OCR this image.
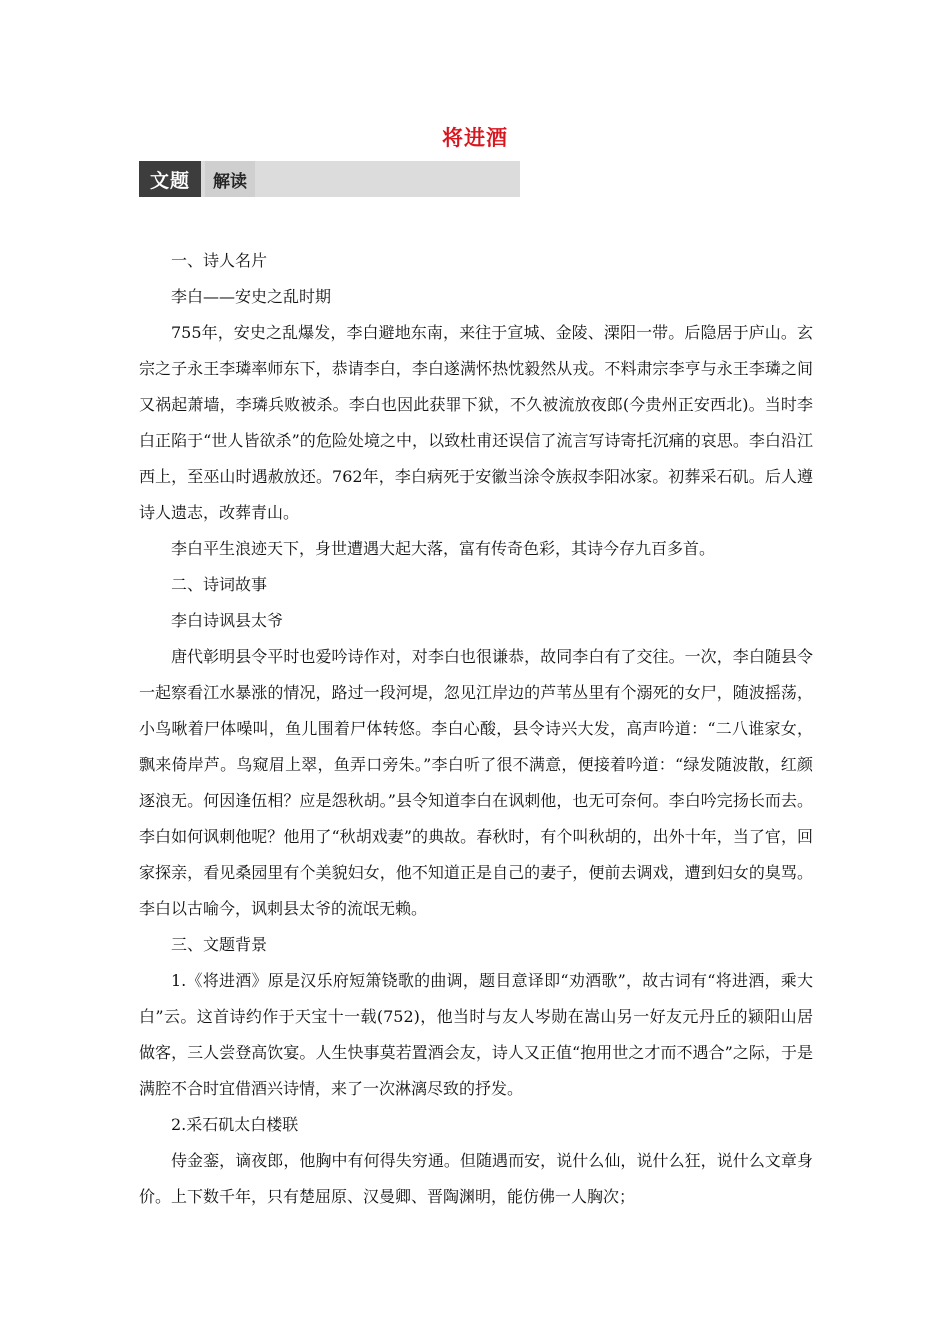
将进酒
文题	解读

一、诗人名片

李白——安史之乱时期

755年，安史之乱爆发，李白避地东南，来往于宣城、金陵、溧阳一带。后隐居于庐山。玄宗之子永王李璘率师东下，恭请李白，李白遂满怀热忱毅然从戎。不料肃宗李亨与永王李璘之间又祸起萧墙，李璘兵败被杀。李白也因此获罪下狱，不久被流放夜郎(今贵州正安西北)。当时李白正陷于“世人皆欲杀”的危险处境之中，以致杜甫还误信了流言写诗寄托沉痛的哀思。李白沿江西上，至巫山时遇赦放还。762年，李白病死于安徽当涂令族叔李阳冰家。初葬采石矶。后人遵诗人遗志，改葬青山。

李白平生浪迹天下，身世遭遇大起大落，富有传奇色彩，其诗今存九百多首。

二、诗词故事

李白诗讽县太爷

唐代彰明县令平时也爱吟诗作对，对李白也很谦恭，故同李白有了交往。一次，李白随县令一起察看江水暴涨的情况，路过一段河堤，忽见江岸边的芦苇丛里有个溺死的女尸，随波摇荡，小鸟啾着尸体噪叫，鱼儿围着尸体转悠。李白心酸，县令诗兴大发，高声吟道：“二八谁家女，飘来倚岸芦。鸟窥眉上翠，鱼弄口旁朱。”李白听了很不满意，便接着吟道：“绿发随波散，红颜逐浪无。何因逢伍相？应是怨秋胡。”县令知道李白在讽刺他，也无可奈何。李白吟完扬长而去。李白如何讽刺他呢？他用了“秋胡戏妻”的典故。春秋时，有个叫秋胡的，出外十年，当了官，回家探亲，看见桑园里有个美貌妇女，他不知道正是自己的妻子，便前去调戏，遭到妇女的臭骂。李白以古喻今，讽刺县太爷的流氓无赖。

三、文题背景

1.《将进酒》原是汉乐府短箫铙歌的曲调，题目意译即“劝酒歌”，故古词有“将进酒，乘大白”云。这首诗约作于天宝十一载(752)，他当时与友人岑勋在嵩山另一好友元丹丘的颍阳山居做客，三人尝登高饮宴。人生快事莫若置酒会友，诗人又正值“抱用世之才而不遇合”之际，于是满腔不合时宜借酒兴诗情，来了一次淋漓尽致的抒发。

2.采石矶太白楼联

侍金銮，谪夜郎，他胸中有何得失穷通。但随遇而安，说什么仙，说什么狂，说什么文章身价。上下数千年，只有楚屈原、汉曼卿、晋陶渊明，能仿佛一人胸次；
